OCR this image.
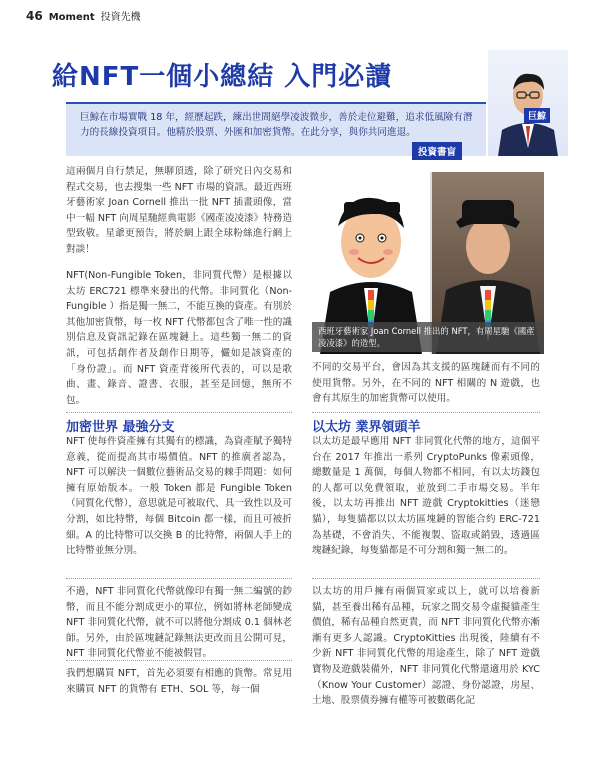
46 Moment 投資先機
給NFT一個小總結 入門必讀
巨鯨在市場實戰 18 年，經歷起跌，練出世間絕學凌波微步，善於走位避難，追求低風險有潛力的長線投資項目。他精於股票、外匯和加密貨幣。在此分享，與你共同進退。
巨鯨
投資書盲
這兩個月自行禁足，無聊頂透，除了研究日內交易和程式交易，也去搜集一些 NFT 市場的資訊。最近西班牙藝術家 Joan Cornell 推出一批 NFT 插畫頭像，當中一幅 NFT 向周星馳經典電影《國產凌凌漆》特務造型致敬。星爺更預告，將於網上跟全球粉絲進行網上對談！
NFT(Non-Fungible Token，非同質代幣）是根據以太坊 ERC721 標準來發出的代幣。非同質化（Non-Fungible ）指是獨一無二，不能互換的資產。有別於其他加密貨幣，每一枚 NFT 代幣都包含了唯一性的識別信息及資訊記錄在區塊鏈上。這些獨一無二的資訊，可包括創作者及創作日期等，儼如是該資產的「身份證」。而 NFT 資產背後所代表的，可以是歌曲、畫、錄音、證書、衣服，甚至是回憶，無所不包。
加密世界 最強分支
NFT 使每件資產擁有其獨有的標識，為資產賦予獨特意義，從而提高其市場價值。NFT 的推廣者認為，NFT 可以解決一個數位藝術品交易的棘手問題：如何擁有原始版本。一般 Token 都是 Fungible Token（同質化代幣），意思就是可被取代、具一致性以及可分割，如比特幣，每個 Bitcoin 都一樣，而且可被折細。A 的比特幣可以交換 B 的比特幣，兩個人手上的比特幣並無分別。
不過，NFT 非同質化代幣就像印有獨一無二編號的鈔幣，而且不能分割成更小的單位，例如將林老師變成 NFT 非同質化代幣，就不可以將他分割成 0.1 個林老師。另外，由於區塊鏈記錄無法更改而且公開可見，NFT 非同質化代幣並不能被假冒。
我們想購買 NFT，首先必須要有相應的貨幣。常見用來購買 NFT 的貨幣有 ETH、SOL 等，每一個
西班牙藝術家 Joan Cornell 推出的 NFT，有周星馳《國產凌凌漆》的造型。
不同的交易平台，會因為其支援的區塊鏈而有不同的使用貨幣。另外，在不同的 NFT 相關的 N 遊戲，也會有其原生的加密貨幣可以使用。
以太坊 業界領頭羊
以太坊是最早應用 NFT 非同質化代幣的地方，這個平台在 2017 年推出一系列 CryptoPunks 像素頭像，總數量是 1 萬個，每個人物都不相同，有以太坊錢包的人都可以免費領取，並放到二手市場交易。半年後，以太坊再推出 NFT 遊戲 Cryptokitties（迷戀貓），每隻貓都以以太坊區塊鏈的智能合約 ERC-721 為基礎，不會消失、不能複製、盜取或銷毀，透過區塊鏈紀錄，每隻貓都是不可分割和獨一無二的。
以太坊的用戶擁有兩個買家或以上，就可以培養新貓，甚至養出稀有品種，玩家之間交易令虛擬貓產生價值，稀有品種自然更貴，而 NFT 非同質化代幣亦漸漸有更多人認識。CryptoKitties 出現後，陸續有不少新 NFT 非同質化代幣的用途產生，除了 NFT 遊戲寶物及遊戲裝備外，NFT 非同質化代幣還適用於 KYC（Know Your Customer）認證、身份認證，房屋、土地、股票債券擁有權等可被數碼化記
